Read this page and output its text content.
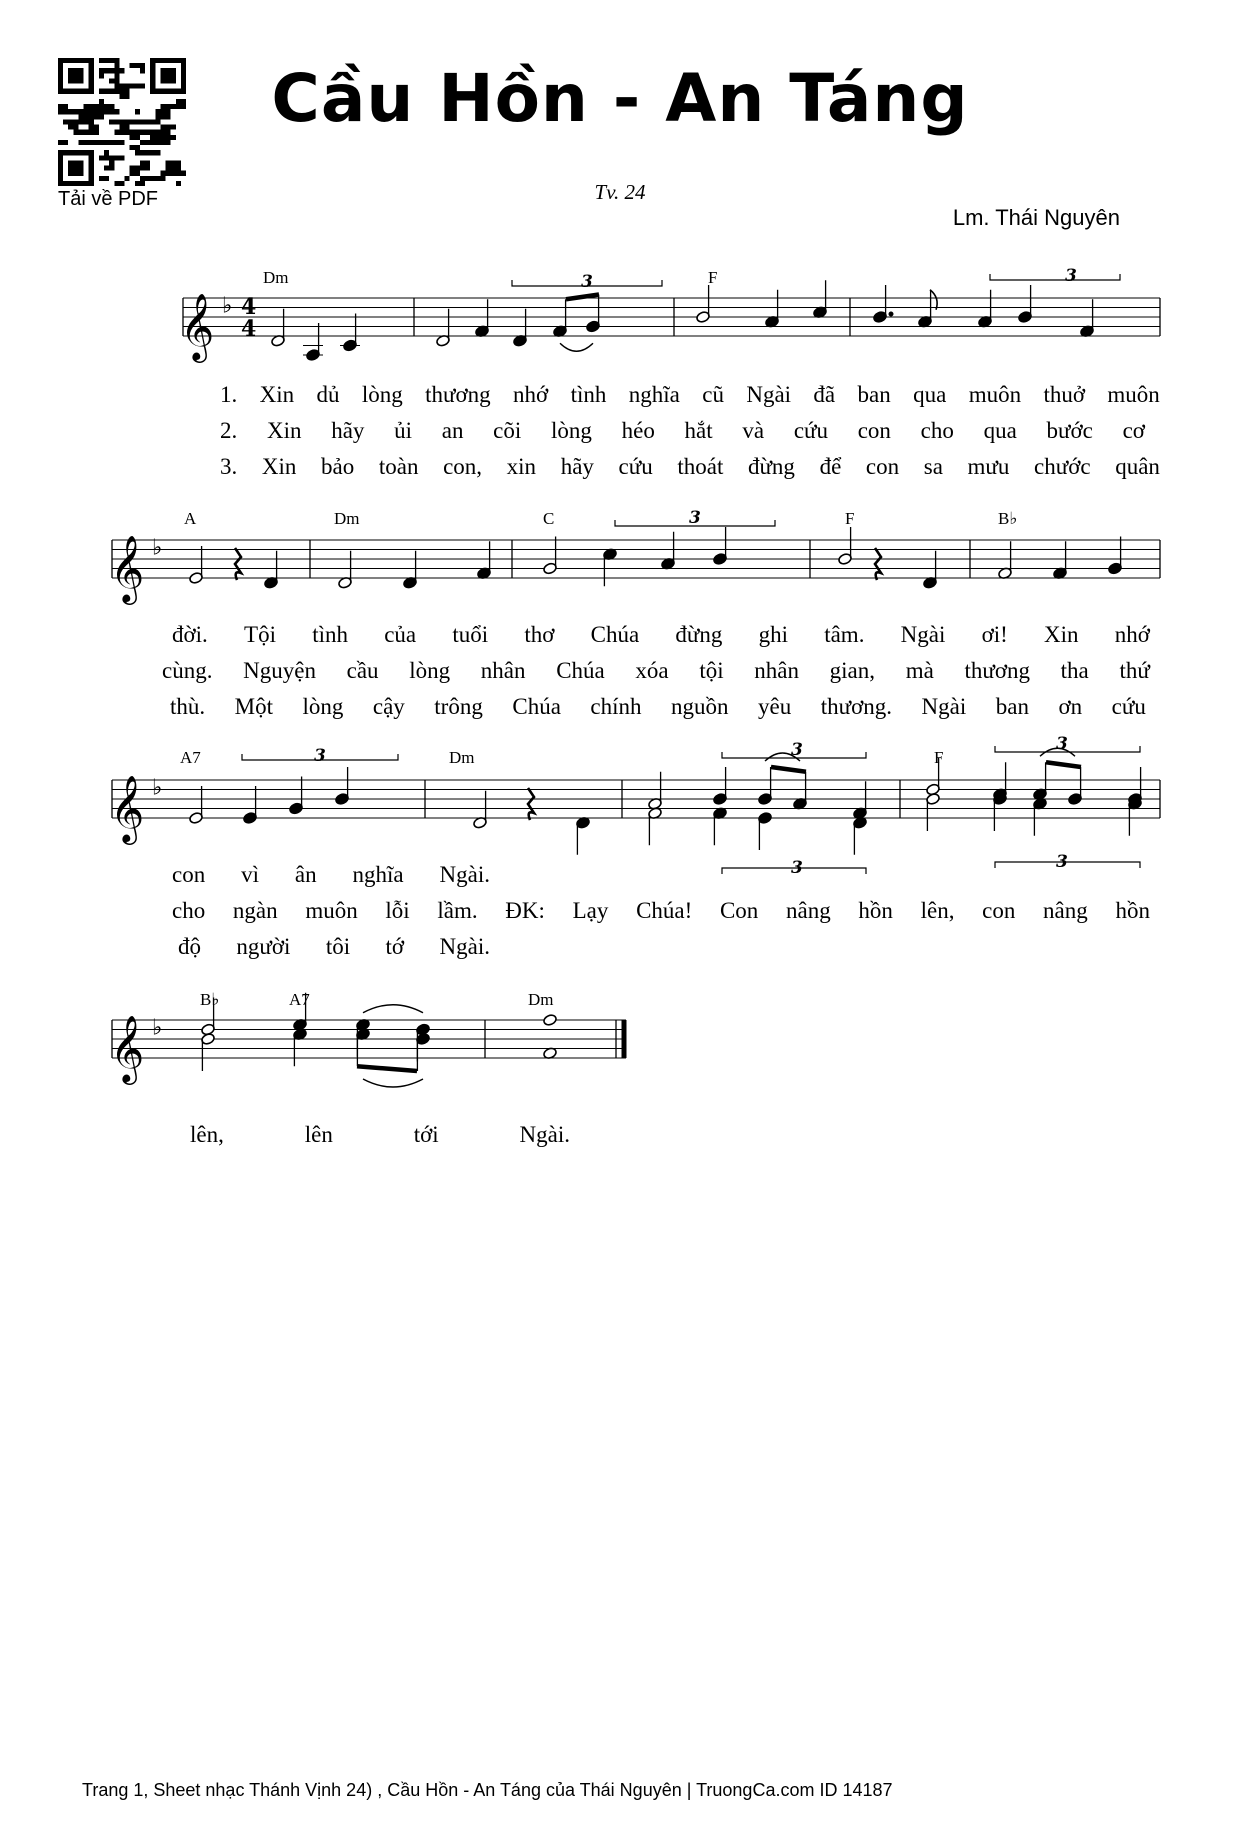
Tải về PDF
Cầu Hồn - An Táng
Tv. 24
Lm. Thái Nguyên
𝄞 ♭
𝄞 ♭
𝄞 ♭
𝄞 ♭
Dm	F
A	Dm	C	F	B♭
A7	Dm	F
B♭	A7	Dm
4
4
3	3
3
3	3	3
3	3
1. Xin dủ lòng thương nhớ tình nghĩa cũ Ngài đã ban qua muôn thuở muôn
2. Xin hãy ủi an cõi lòng héo hắt và cứu con cho qua bước cơ
3. Xin bảo toàn con, xin hãy cứu thoát đừng để con sa mưu chước quân
đời. Tội tình của tuổi thơ Chúa đừng ghi tâm. Ngài ơi! Xin nhớ
cùng. Nguyện cầu lòng nhân Chúa xóa tội nhân gian, mà thương tha thứ
thù. Một lòng cậy trông Chúa chính nguồn yêu thương. Ngài ban ơn cứu
con vì ân nghĩa Ngài.
cho ngàn muôn lỗi lầm. ĐK: Lạy Chúa! Con nâng hồn lên, con nâng hồn
độ người tôi tớ Ngài.
lên,	lên	tới	Ngài.
Trang 1, Sheet nhạc Thánh Vịnh 24) , Cầu Hồn - An Táng của Thái Nguyên | TruongCa.com ID 14187
